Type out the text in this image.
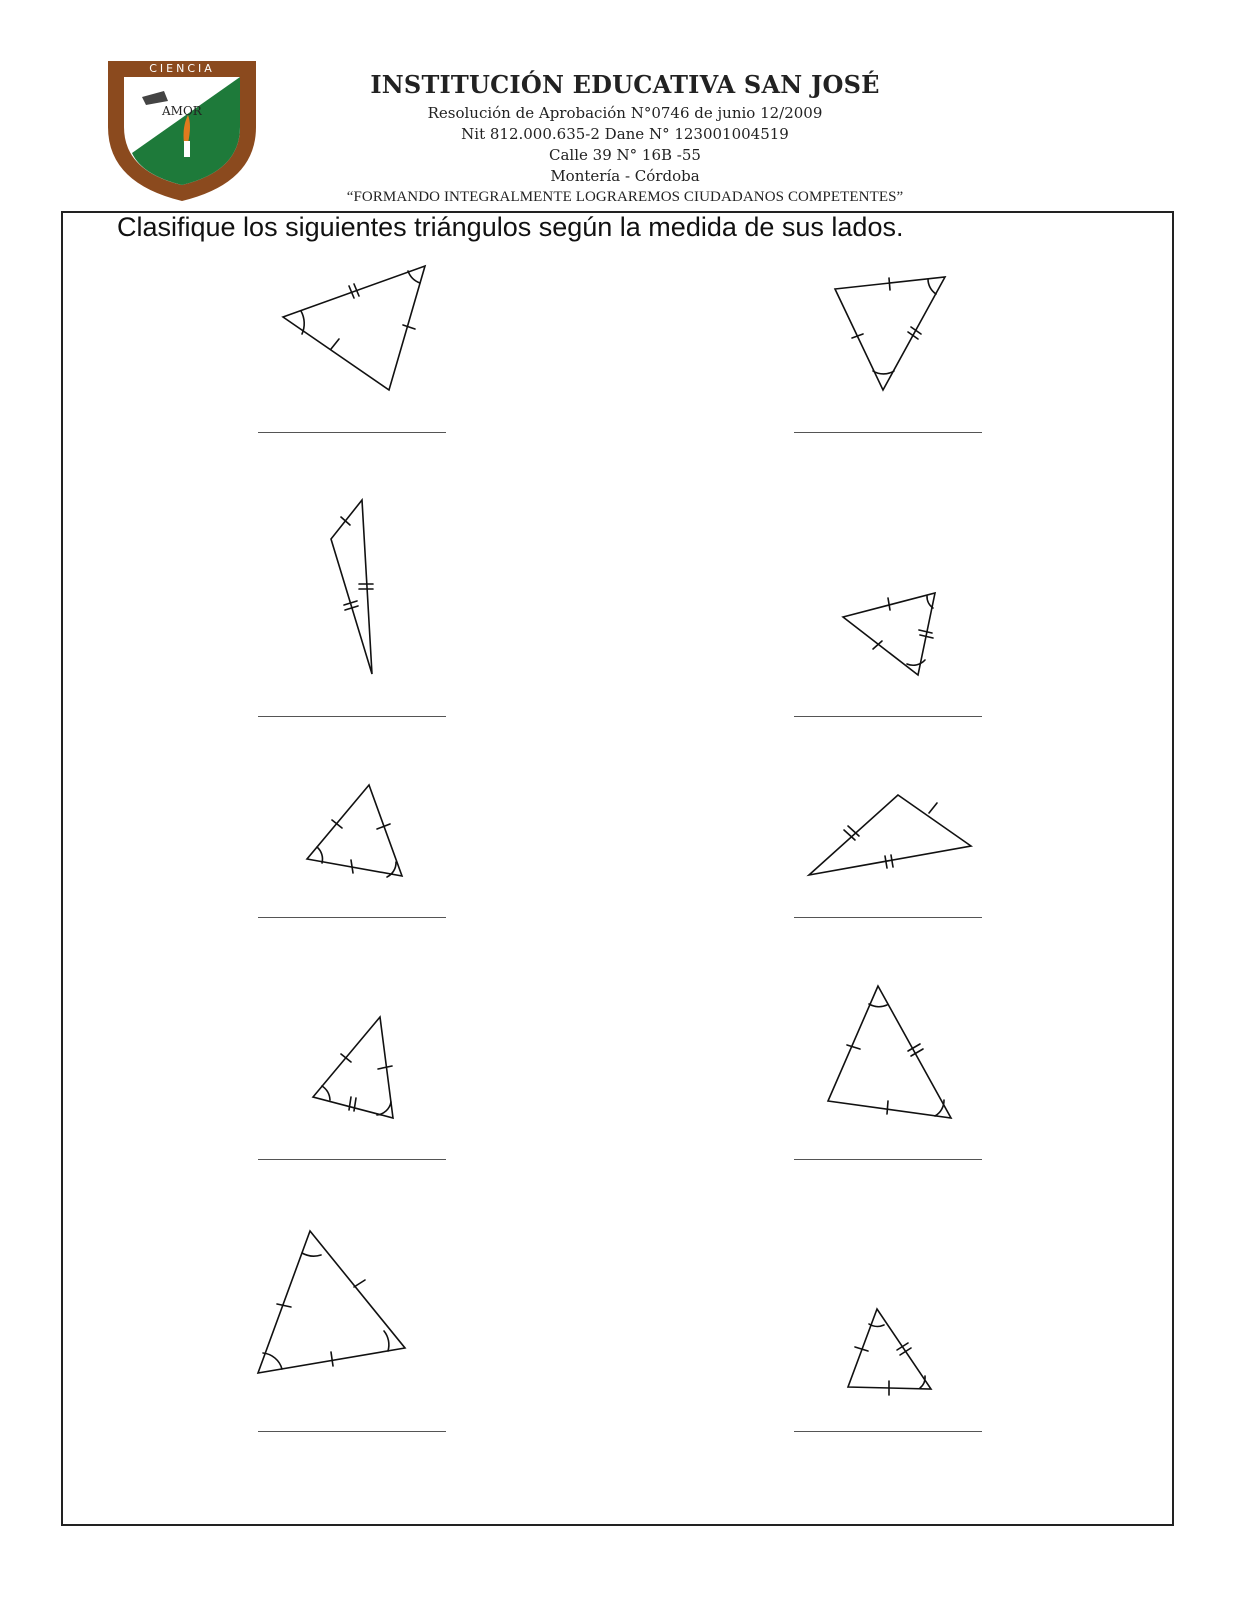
CIENCIA
AMOR
INSTITUCIÓN EDUCATIVA SAN JOSÉ
Resolución de Aprobación N°0746 de junio 12/2009
Nit 812.000.635-2 Dane N° 123001004519
Calle 39 N° 16B -55
Montería - Córdoba
“FORMANDO INTEGRALMENTE LOGRAREMOS CIUDADANOS COMPETENTES”
Clasifique los siguientes triángulos según la medida de sus lados.
